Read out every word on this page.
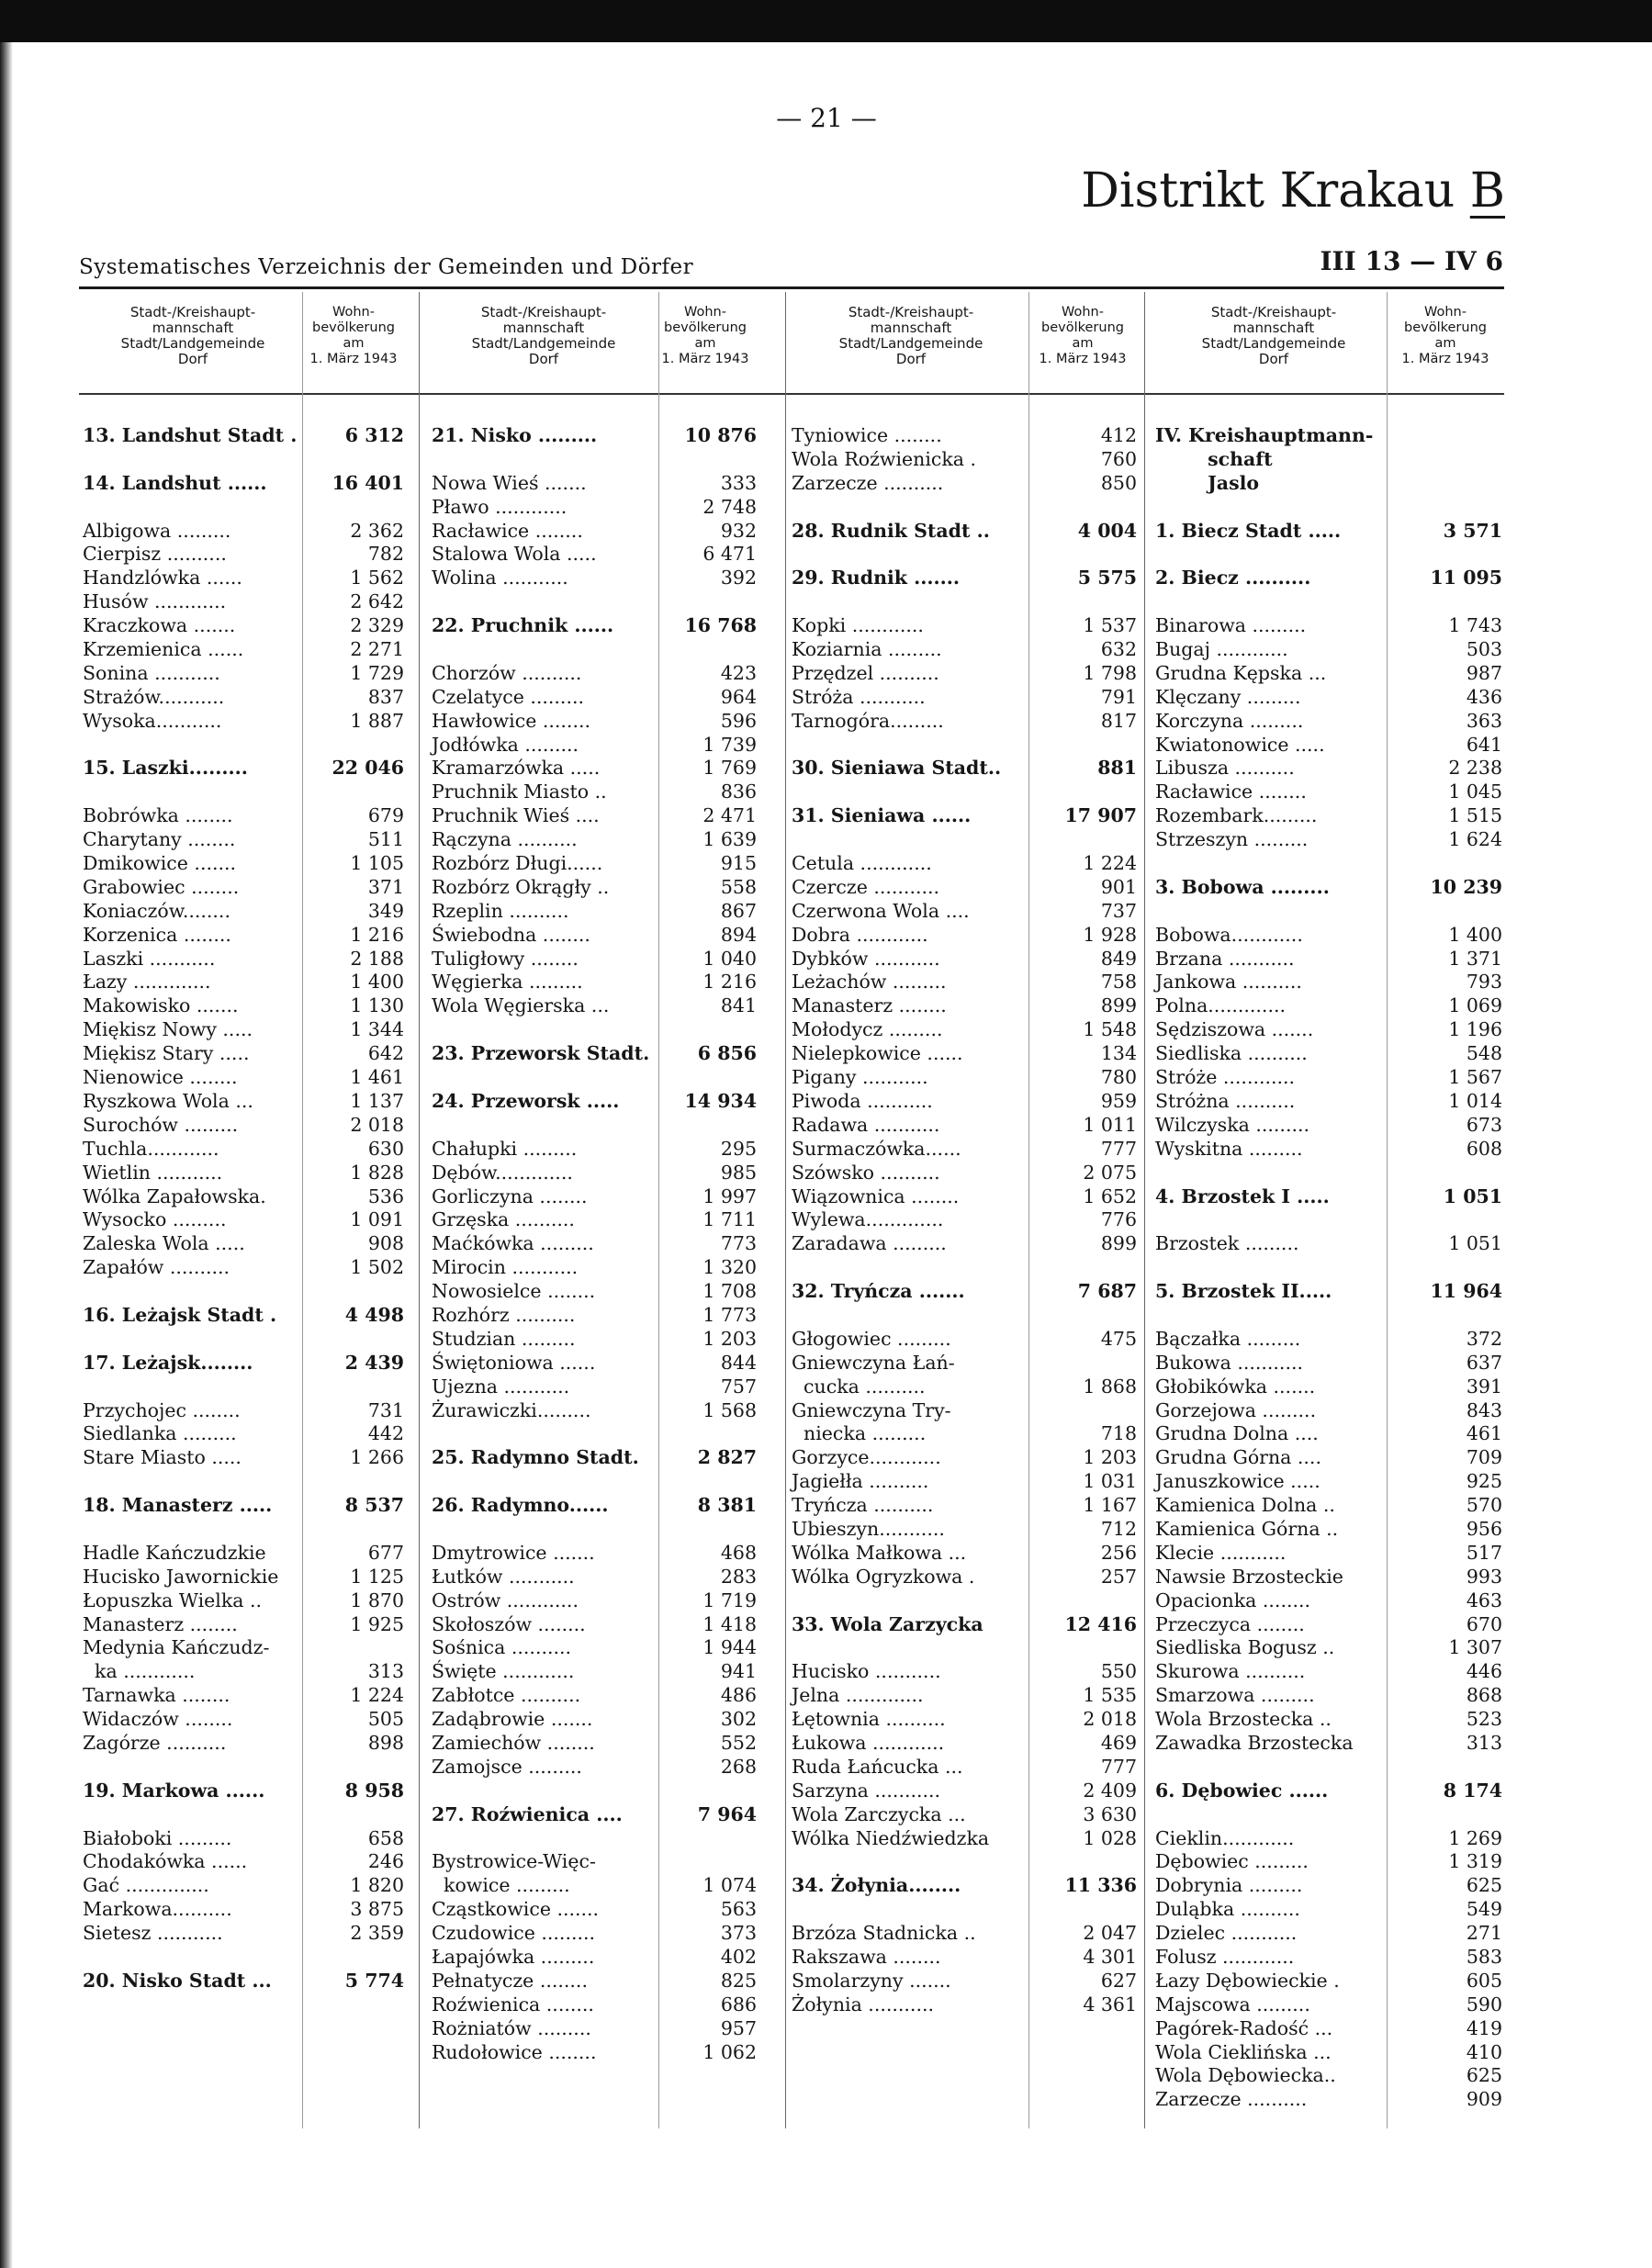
— 21 —
Distrikt Krakau B
Systematisches Verzeichnis der Gemeinden und Dörfer	III 13 — IV 6
Stadt-/Kreishaupt-
mannschaft
Stadt/Landgemeinde
Dorf
Wohn-
bevölkerung
am
1. März 1943
Stadt-/Kreishaupt-
mannschaft
Stadt/Landgemeinde
Dorf
Wohn-
bevölkerung
am
1. März 1943
Stadt-/Kreishaupt-
mannschaft
Stadt/Landgemeinde
Dorf
Wohn-
bevölkerung
am
1. März 1943
Stadt-/Kreishaupt-
mannschaft
Stadt/Landgemeinde
Dorf
Wohn-
bevölkerung
am
1. März 1943
13. Landshut Stadt .	6 312
14. Landshut ......	16 401
Albigowa .........	2 362
Cierpisz ..........	782
Handzlówka ......	1 562
Husów ............	2 642
Kraczkowa .......	2 329
Krzemienica ......	2 271
Sonina ...........	1 729
Strażów...........	837
Wysoka...........	1 887
15. Laszki.........	22 046
Bobrówka ........	679
Charytany ........	511
Dmikowice .......	1 105
Grabowiec ........	371
Koniaczów........	349
Korzenica ........	1 216
Laszki ...........	2 188
Łazy .............	1 400
Makowisko .......	1 130
Miękisz Nowy .....	1 344
Miękisz Stary .....	642
Nienowice ........	1 461
Ryszkowa Wola ...	1 137
Surochów .........	2 018
Tuchla............	630
Wietlin ...........	1 828
Wólka Zapałowska.	536
Wysocko .........	1 091
Zaleska Wola .....	908
Zapałów ..........	1 502
16. Leżajsk Stadt .	4 498
17. Leżajsk........	2 439
Przychojec ........	731
Siedlanka .........	442
Stare Miasto .....	1 266
18. Manasterz .....	8 537
Hadle Kańczudzkie	677
Hucisko Jawornickie	1 125
Łopuszka Wielka ..	1 870
Manasterz ........	1 925
Medynia Kańczudz-
ka ............	313
Tarnawka ........	1 224
Widaczów ........	505
Zagórze ..........	898
19. Markowa ......	8 958
Białoboki .........	658
Chodakówka ......	246
Gać ..............	1 820
Markowa..........	3 875
Sietesz ...........	2 359
20. Nisko Stadt ...	5 774
21. Nisko .........	10 876
Nowa Wieś .......	333
Pławo ............	2 748
Racławice ........	932
Stalowa Wola .....	6 471
Wolina ...........	392
22. Pruchnik ......	16 768
Chorzów ..........	423
Czelatyce .........	964
Hawłowice ........	596
Jodłówka .........	1 739
Kramarzówka .....	1 769
Pruchnik Miasto ..	836
Pruchnik Wieś ....	2 471
Rączyna ..........	1 639
Rozbórz Długi......	915
Rozbórz Okrągły ..	558
Rzeplin ..........	867
Świebodna ........	894
Tuligłowy ........	1 040
Węgierka .........	1 216
Wola Węgierska ...	841
23. Przeworsk Stadt.	6 856
24. Przeworsk .....	14 934
Chałupki .........	295
Dębów.............	985
Gorliczyna ........	1 997
Grzęska ..........	1 711
Maćkówka .........	773
Mirocin ...........	1 320
Nowosielce ........	1 708
Rozhórz ..........	1 773
Studzian .........	1 203
Świętoniowa ......	844
Ujezna ...........	757
Żurawiczki.........	1 568
25. Radymno Stadt.	2 827
26. Radymno......	8 381
Dmytrowice .......	468
Łutków ...........	283
Ostrów ............	1 719
Skołoszów ........	1 418
Sośnica ..........	1 944
Święte ............	941
Zabłotce ..........	486
Zadąbrowie .......	302
Zamiechów ........	552
Zamojsce .........	268
27. Roźwienica ....	7 964
Bystrowice-Więc-
kowice .........	1 074
Cząstkowice .......	563
Czudowice .........	373
Łapajówka .........	402
Pełnatycze ........	825
Roźwienica ........	686
Rożniatów .........	957
Rudołowice ........	1 062
Tyniowice ........	412
Wola Roźwienicka .	760
Zarzecze ..........	850
28. Rudnik Stadt ..	4 004
29. Rudnik .......	5 575
Kopki ............	1 537
Koziarnia .........	632
Przędzel ..........	1 798
Stróża ...........	791
Tarnogóra.........	817
30. Sieniawa Stadt..	881
31. Sieniawa ......	17 907
Cetula ............	1 224
Czercze ...........	901
Czerwona Wola ....	737
Dobra ............	1 928
Dybków ...........	849
Leżachów .........	758
Manasterz ........	899
Mołodycz .........	1 548
Nielepkowice ......	134
Pigany ...........	780
Piwoda ...........	959
Radawa ...........	1 011
Surmaczówka......	777
Szówsko ..........	2 075
Wiązownica ........	1 652
Wylewa.............	776
Zaradawa .........	899
32. Tryńcza .......	7 687
Głogowiec .........	475
Gniewczyna Łań-
cucka ..........	1 868
Gniewczyna Try-
niecka .........	718
Gorzyce............	1 203
Jagiełła ..........	1 031
Tryńcza ..........	1 167
Ubieszyn...........	712
Wólka Małkowa ...	256
Wólka Ogryzkowa .	257
33. Wola Zarzycka	12 416
Hucisko ...........	550
Jelna .............	1 535
Łętownia ..........	2 018
Łukowa ............	469
Ruda Łańcucka ...	777
Sarzyna ...........	2 409
Wola Zarczycka ...	3 630
Wólka Niedźwiedzka	1 028
34. Żołynia........	11 336
Brzóza Stadnicka ..	2 047
Rakszawa ........	4 301
Smolarzyny .......	627
Żołynia ...........	4 361
IV. Kreishauptmann-
schaft
Jaslo
1. Biecz Stadt .....	3 571
2. Biecz ..........	11 095
Binarowa .........	1 743
Bugaj ............	503
Grudna Kępska ...	987
Klęczany .........	436
Korczyna .........	363
Kwiatonowice .....	641
Libusza ..........	2 238
Racławice ........	1 045
Rozembark.........	1 515
Strzeszyn .........	1 624
3. Bobowa .........	10 239
Bobowa............	1 400
Brzana ...........	1 371
Jankowa ..........	793
Polna.............	1 069
Sędziszowa .......	1 196
Siedliska ..........	548
Stróże ............	1 567
Stróżna ..........	1 014
Wilczyska .........	673
Wyskitna .........	608
4. Brzostek I .....	1 051
Brzostek .........	1 051
5. Brzostek II.....	11 964
Bączałka .........	372
Bukowa ...........	637
Głobikówka .......	391
Gorzejowa .........	843
Grudna Dolna ....	461
Grudna Górna ....	709
Januszkowice .....	925
Kamienica Dolna ..	570
Kamienica Górna ..	956
Klecie ...........	517
Nawsie Brzosteckie	993
Opacionka ........	463
Przeczyca ........	670
Siedliska Bogusz ..	1 307
Skurowa ..........	446
Smarzowa .........	868
Wola Brzostecka ..	523
Zawadka Brzostecka	313
6. Dębowiec ......	8 174
Cieklin............	1 269
Dębowiec .........	1 319
Dobrynia .........	625
Duląbka ..........	549
Dzielec ...........	271
Folusz ............	583
Łazy Dębowieckie .	605
Majscowa .........	590
Pagórek-Radość ...	419
Wola Cieklińska ...	410
Wola Dębowiecka..	625
Zarzecze ..........	909
